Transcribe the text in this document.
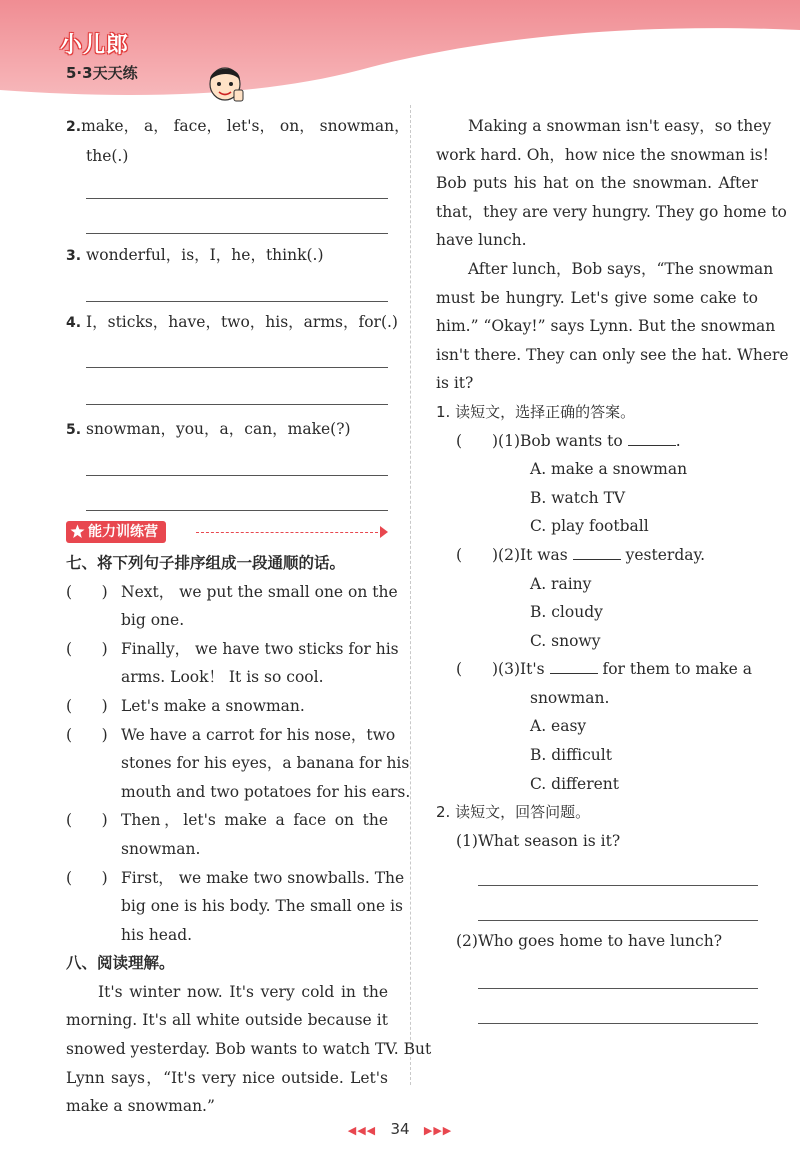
小儿郎
5·3天天练
2.make， a， face， let's， on， snowman，
the(.)
3. wonderful，is，I，he，think(.)
4. I，sticks，have，two，his，arms，for(.)
5. snowman，you，a，can，make(?)
能力训练营
七、将下列句子排序组成一段通顺的话。
(      ) Next， we put the small one on the
big one.
(      ) Finally， we have two sticks for his
arms. Look！ It is so cool.
(      ) Let's make a snowman.
(      ) We have a carrot for his nose，two
stones for his eyes，a banana for his
mouth and two potatoes for his ears.
(      ) Then，let's make a face on the
snowman.
(      ) First， we make two snowballs. The
big one is his body. The small one is
his head.
八、阅读理解。
It's winter now. It's very cold in the
morning. It's all white outside because it
snowed yesterday. Bob wants to watch TV. But
Lynn says，“It's very nice outside. Let's
make a snowman.”
Making a snowman isn't easy，so they
work hard. Oh，how nice the snowman is!
Bob puts his hat on the snowman. After
that，they are very hungry. They go home to
have lunch.
After lunch，Bob says，“The snowman
must be hungry. Let's give some cake to
him.” “Okay!” says Lynn. But the snowman
isn't there. They can only see the hat. Where
is it?
1. 读短文，选择正确的答案。
(      )(1)Bob wants to	.
A. make a snowman
B. watch TV
C. play football
(      )(2)It was	yesterday.
A. rainy
B. cloudy
C. snowy
(      )(3)It's	for them to make a
snowman.
A. easy
B. difficult
C. different
2. 读短文，回答问题。
(1)What season is it?
(2)Who goes home to have lunch?
◀◀◀ 34 ▶▶▶
